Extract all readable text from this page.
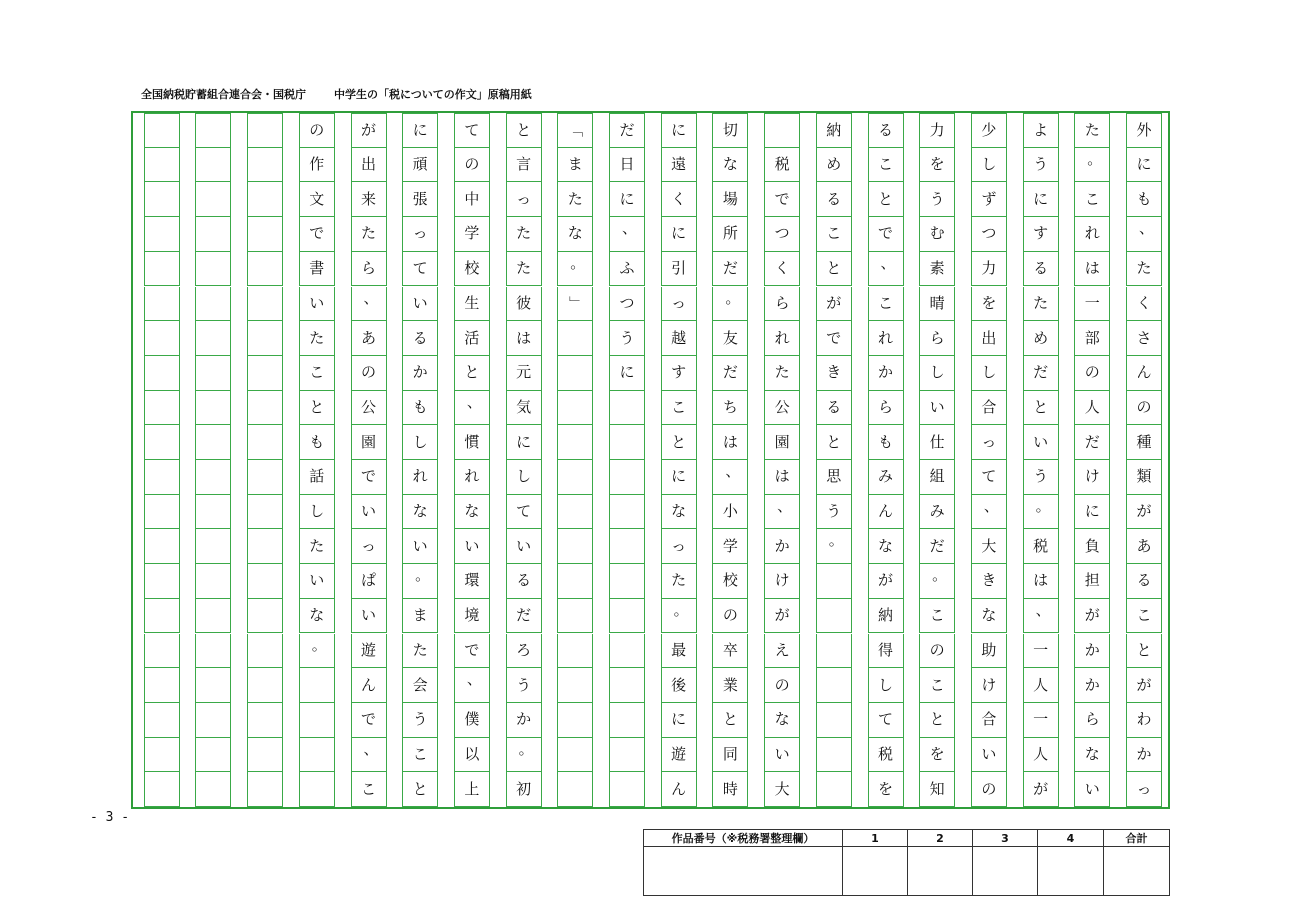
全国納税貯蓄組合連合会・国税庁	中学生の「税についての作文」原稿用紙
外
に
も
、
た
く
さ
ん
の
種
類
が
あ
る
こ
と
が
わ
か
っ
た
。
こ
れ
は
一
部
の
人
だ
け
に
負
担
が
か
か
ら
な
い
よ
う
に
す
る
た
め
だ
と
い
う
。
税
は
、
一
人
一
人
が
少
し
ず
つ
力
を
出
し
合
っ
て
、
大
き
な
助
け
合
い
の
力
を
う
む
素
晴
ら
し
い
仕
組
み
だ
。
こ
の
こ
と
を
知
る
こ
と
で
、
こ
れ
か
ら
も
み
ん
な
が
納
得
し
て
税
を
納
め
る
こ
と
が
で
き
る
と
思
う
。

税
で
つ
く
ら
れ
た
公
園
は
、
か
け
が
え
の
な
い
大
切
な
場
所
だ
。
友
だ
ち
は
、
小
学
校
の
卒
業
と
同
時
に
遠
く
に
引
っ
越
す
こ
と
に
な
っ
た
。
最
後
に
遊
ん
だ
日
に
、
ふ
つ
う
に
「
ま
た
な
。
」
と
言
っ
た
た
彼
は
元
気
に
し
て
い
る
だ
ろ
う
か
。
初
て
の
中
学
校
生
活
と
、
慣
れ
な
い
環
境
で
、
僕
以
上
に
頑
張
っ
て
い
る
か
も
し
れ
な
い
。
ま
た
会
う
こ
と
が
出
来
た
ら
、
あ
の
公
園
で
い
っ
ぱ
い
遊
ん
で
、
こ
の
作
文
で
書
い
た
こ
と
も
話
し
た
い
な
。
- 3 -
作品番号（※税務署整理欄）	1	2	3	4	合計
